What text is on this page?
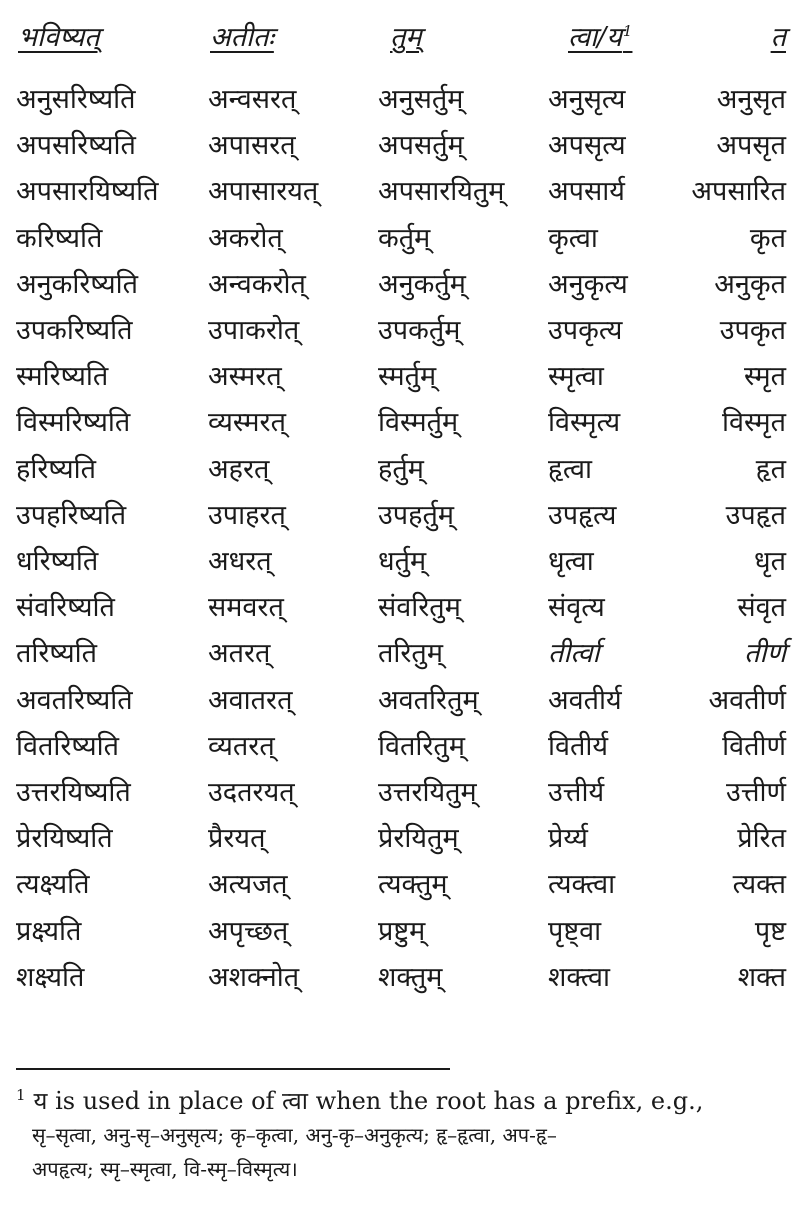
भविष्यत्	अतीतः	तुम्	त्वा/य$^1$	त
अनुसरिष्यति	अन्वसरत्	अनुसर्तुम्	अनुसृत्य	अनुसृत
अपसरिष्यति	अपासरत्	अपसर्तुम्	अपसृत्य	अपसृत
अपसारयिष्यति अपासारयत् अपसारयितुम् अपसार्य अपसारित
करिष्यति	अकरोत्	कर्तुम्	कृत्वा	कृत
अनुकरिष्यति	अन्वकरोत्	अनुकर्तुम्	अनुकृत्य	अनुकृत
उपकरिष्यति	उपाकरोत्	उपकर्तुम्	उपकृत्य	उपकृत
स्मरिष्यति	अस्मरत्	स्मर्तुम्	स्मृत्वा	स्मृत
विस्मरिष्यति	व्यस्मरत्	विस्मर्तुम्	विस्मृत्य	विस्मृत
हरिष्यति	अहरत्	हर्तुम्	हृत्वा	हृत
उपहरिष्यति	उपाहरत्	उपहर्तुम्	उपहृत्य	उपहृत
धरिष्यति	अधरत्	धर्तुम्	धृत्वा	धृत
संवरिष्यति	समवरत्	संवरितुम्	संवृत्य	संवृत
तरिष्यति	अतरत्	तरितुम्	तीर्त्वा	तीर्ण
अवतरिष्यति	अवातरत्	अवतरितुम्	अवतीर्य	अवतीर्ण
वितरिष्यति	व्यतरत्	वितरितुम्	वितीर्य	वितीर्ण
उत्तरयिष्यति	उदतरयत्	उत्तरयितुम्	उत्तीर्य	उत्तीर्ण
प्रेरयिष्यति	प्रैरयत्	प्रेरयितुम्	प्रेर्य्य	प्रेरित
त्यक्ष्यति	अत्यजत्	त्यक्तुम्	त्यक्त्वा	त्यक्त
प्रक्ष्यति	अपृच्छत्	प्रष्टुम्	पृष्ट्वा	पृष्ट
शक्ष्यति	अशक्नोत्	शक्तुम्	शक्त्वा	शक्त
$^1$ य is used in place of त्वा when the root has a prefix, e.g.,
सृ–सृत्वा, अनु-सृ–अनुसृत्य; कृ–कृत्वा, अनु-कृ–अनुकृत्य; हृ–हृत्वा, अप-हृ–
अपहृत्य; स्मृ–स्मृत्वा, वि-स्मृ–विस्मृत्य।
